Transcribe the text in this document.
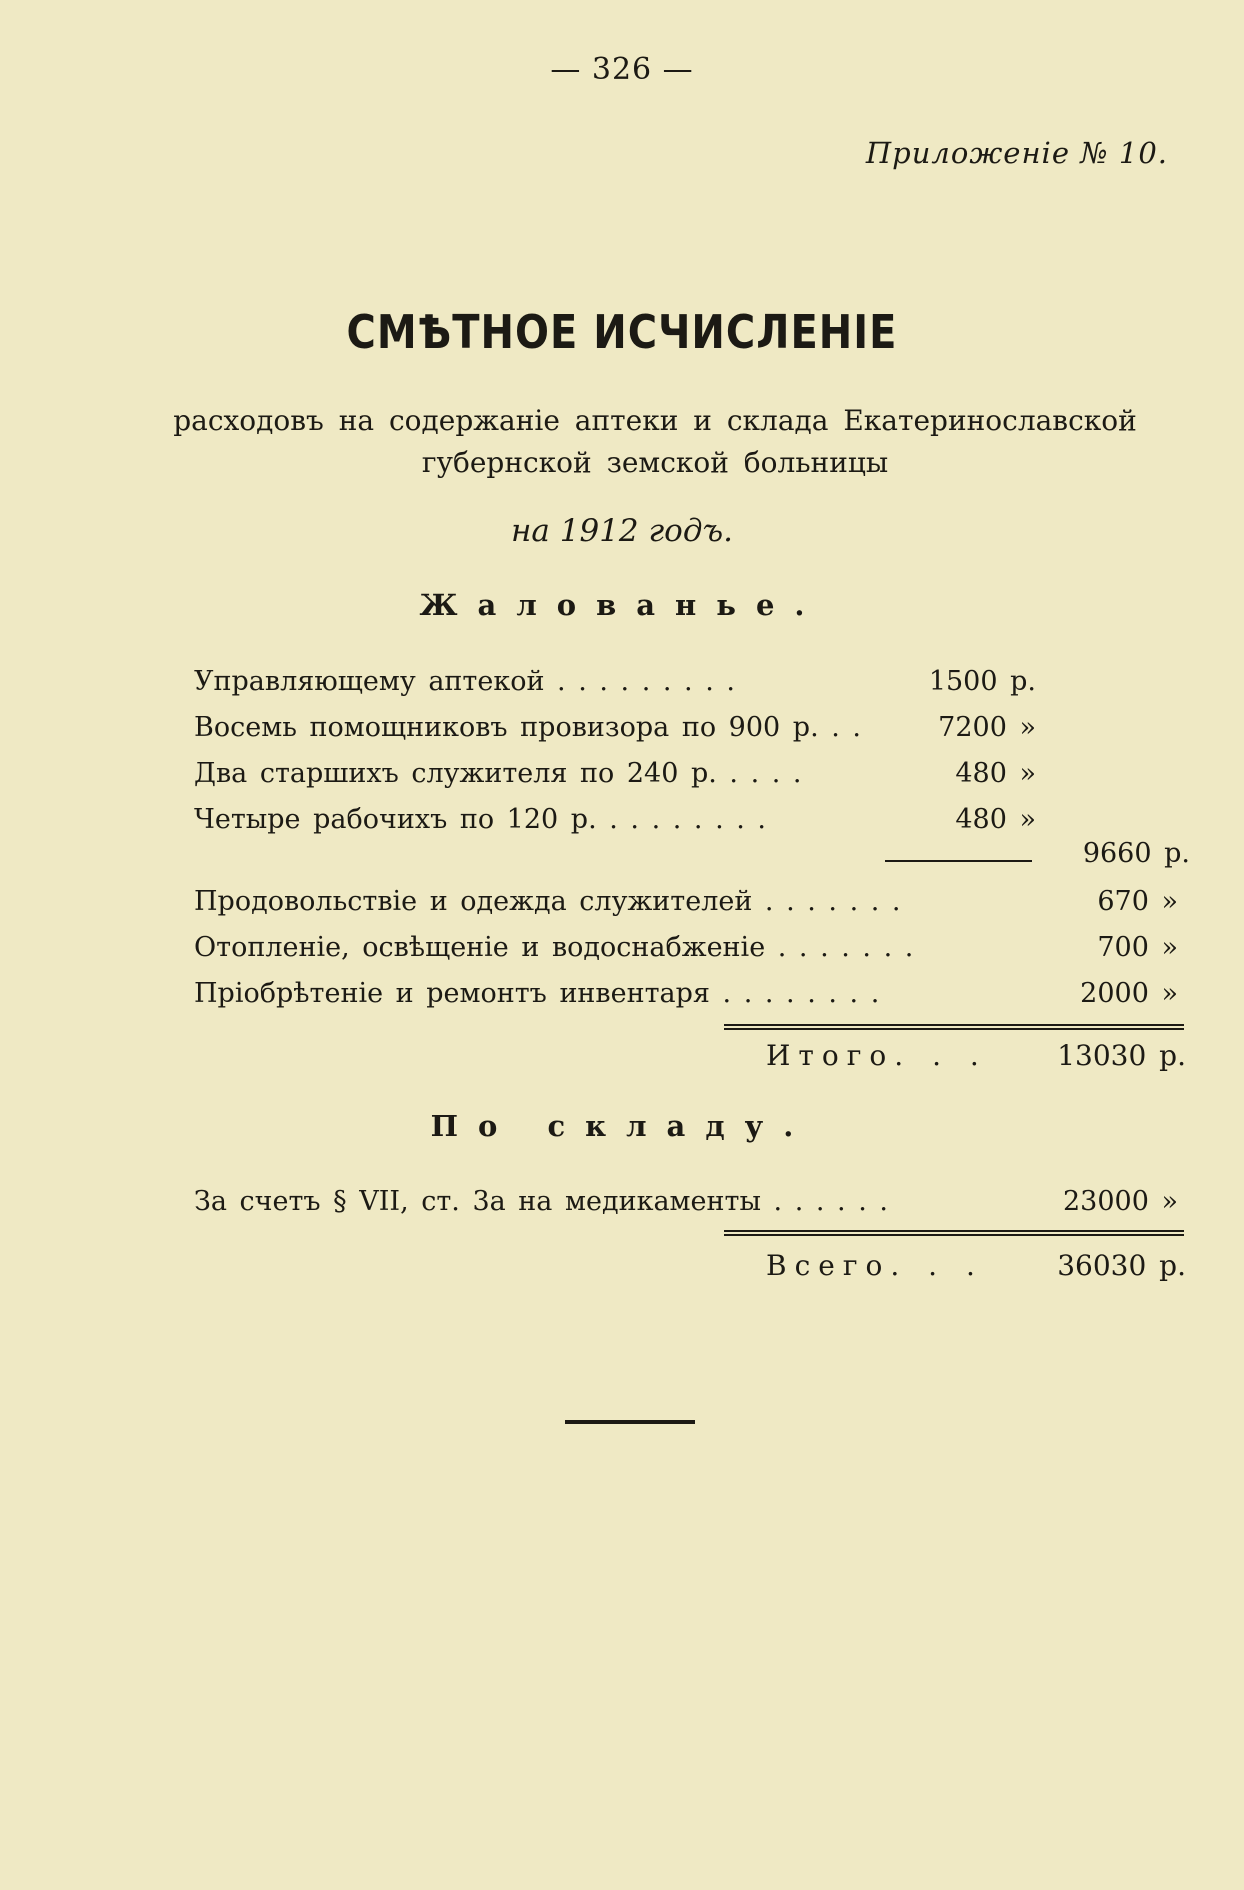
— 326 —
Приложеніе № 10.
СМѢТНОЕ ИСЧИСЛЕНІЕ
расходовъ на содержаніе аптеки и склада Екатеринославской губернской земской больницы
на 1912 годъ.
Жалованье.
Управляющему аптекой . . . . . . . . .	1500 р.
Восемь помощниковъ провизора по 900 р. . .	7200 »
Два старшихъ служителя по 240 р. . . . .	480 »
Четыре рабочихъ по 120 р. . . . . . . . .	480 »
9660 р.
Продовольствіе и одежда служителей . . . . . . .	670 »
Отопленіе, освѣщеніе и водоснабженіе . . . . . . .	700 »
Пріобрѣтеніе и ремонтъ инвентаря . . . . . . . .	2000 »
Итого. . .	13030 р.
По складу.
За счетъ § VII, ст. 3а на медикаменты . . . . . .	23000 »
Всего. . .	36030 р.
